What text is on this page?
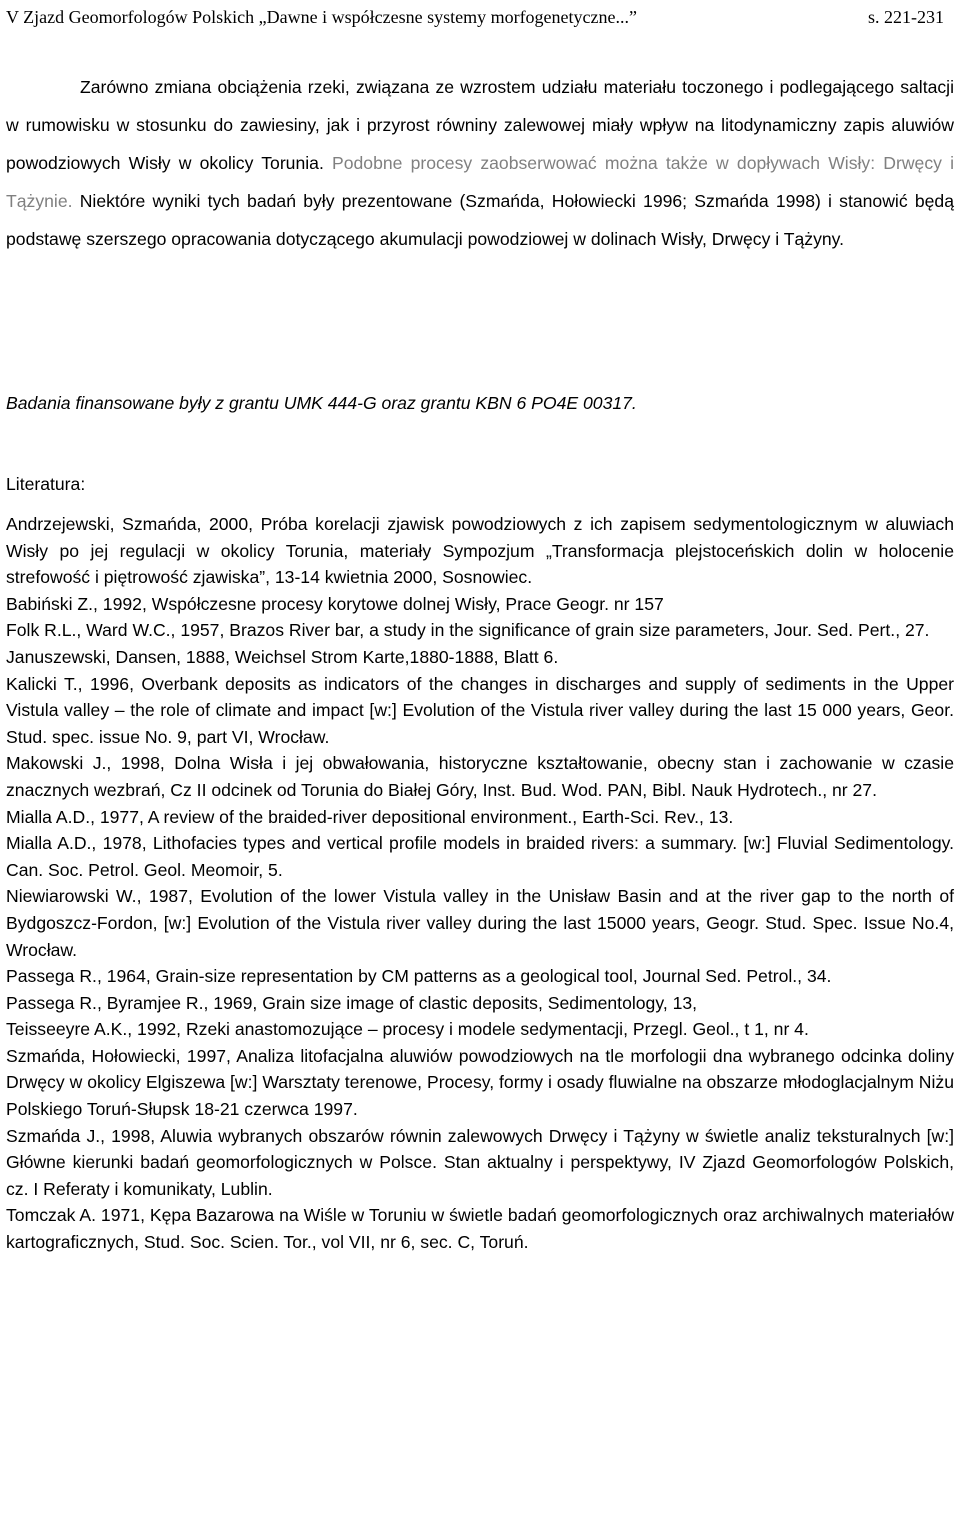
V Zjazd Geomorfologów Polskich „Dawne i współczesne systemy morfogenetyczne...”	s. 221-231

Zarówno zmiana obciążenia rzeki, związana ze wzrostem udziału materiału toczonego i podlegającego saltacji w rumowisku w stosunku do zawiesiny, jak i przyrost równiny zalewowej miały wpływ na litodynamiczny zapis aluwiów powodziowych Wisły w okolicy Torunia. Podobne procesy zaobserwować można także w dopływach Wisły: Drwęcy i Tążynie. Niektóre wyniki tych badań były prezentowane (Szmańda, Hołowiecki 1996; Szmańda 1998) i stanowić będą podstawę szerszego opracowania dotyczącego akumulacji powodziowej w dolinach Wisły, Drwęcy i Tążyny.

Badania finansowane były z grantu UMK 444-G oraz grantu KBN 6 PO4E 00317.

Literatura:

Andrzejewski, Szmańda, 2000, Próba korelacji zjawisk powodziowych z ich zapisem sedymentologicznym w aluwiach Wisły po jej regulacji w okolicy Torunia, materiały Sympozjum „Transformacja plejstoceńskich dolin w holocenie strefowość i piętrowość zjawiska”, 13-14 kwietnia 2000, Sosnowiec.

Babiński Z., 1992, Współczesne procesy korytowe dolnej Wisły, Prace Geogr. nr 157

Folk R.L., Ward W.C., 1957, Brazos River bar, a study in the significance of grain size parameters, Jour. Sed. Pert., 27.

Januszewski, Dansen, 1888, Weichsel Strom Karte,1880-1888, Blatt 6.

Kalicki T., 1996, Overbank deposits as indicators of the changes in discharges and supply of sediments in the Upper Vistula valley – the role of climate and impact [w:] Evolution of the Vistula river valley during the last 15 000 years, Geor. Stud. spec. issue No. 9, part VI, Wrocław.

Makowski J., 1998, Dolna Wisła i jej obwałowania, historyczne kształtowanie, obecny stan i zachowanie w czasie znacznych wezbrań, Cz II odcinek od Torunia do Białej Góry, Inst. Bud. Wod. PAN, Bibl. Nauk Hydrotech., nr 27.

Mialla A.D., 1977, A review of the braided-river depositional environment., Earth-Sci. Rev., 13.

Mialla A.D., 1978, Lithofacies types and vertical profile models in braided rivers: a summary. [w:] Fluvial Sedimentology. Can. Soc. Petrol. Geol. Meomoir, 5.

Niewiarowski W., 1987, Evolution of the lower Vistula valley in the Unisław Basin and at the river gap to the north of Bydgoszcz-Fordon, [w:] Evolution of the Vistula river valley during the last 15000 years, Geogr. Stud. Spec. Issue No.4, Wrocław.

Passega R., 1964, Grain-size representation by CM patterns as a geological tool, Journal Sed. Petrol., 34.

Passega R., Byramjee R., 1969, Grain size image of clastic deposits, Sedimentology, 13,

Teisseeyre A.K., 1992, Rzeki anastomozujące – procesy i modele sedymentacji, Przegl. Geol., t 1, nr 4.

Szmańda, Hołowiecki, 1997, Analiza litofacjalna aluwiów powodziowych na tle morfologii dna wybranego odcinka doliny Drwęcy w okolicy Elgiszewa [w:] Warsztaty terenowe, Procesy, formy i osady fluwialne na obszarze młodoglacjalnym Niżu Polskiego Toruń-Słupsk 18-21 czerwca 1997.

Szmańda J., 1998, Aluwia wybranych obszarów równin zalewowych Drwęcy i Tążyny w świetle analiz teksturalnych [w:] Główne kierunki badań geomorfologicznych w Polsce. Stan aktualny i perspektywy, IV Zjazd Geomorfologów Polskich, cz. I Referaty i komunikaty, Lublin.

Tomczak A. 1971, Kępa Bazarowa na Wiśle w Toruniu w świetle badań geomorfologicznych oraz archiwalnych materiałów kartograficznych, Stud. Soc. Scien. Tor., vol VII, nr 6, sec. C, Toruń.
